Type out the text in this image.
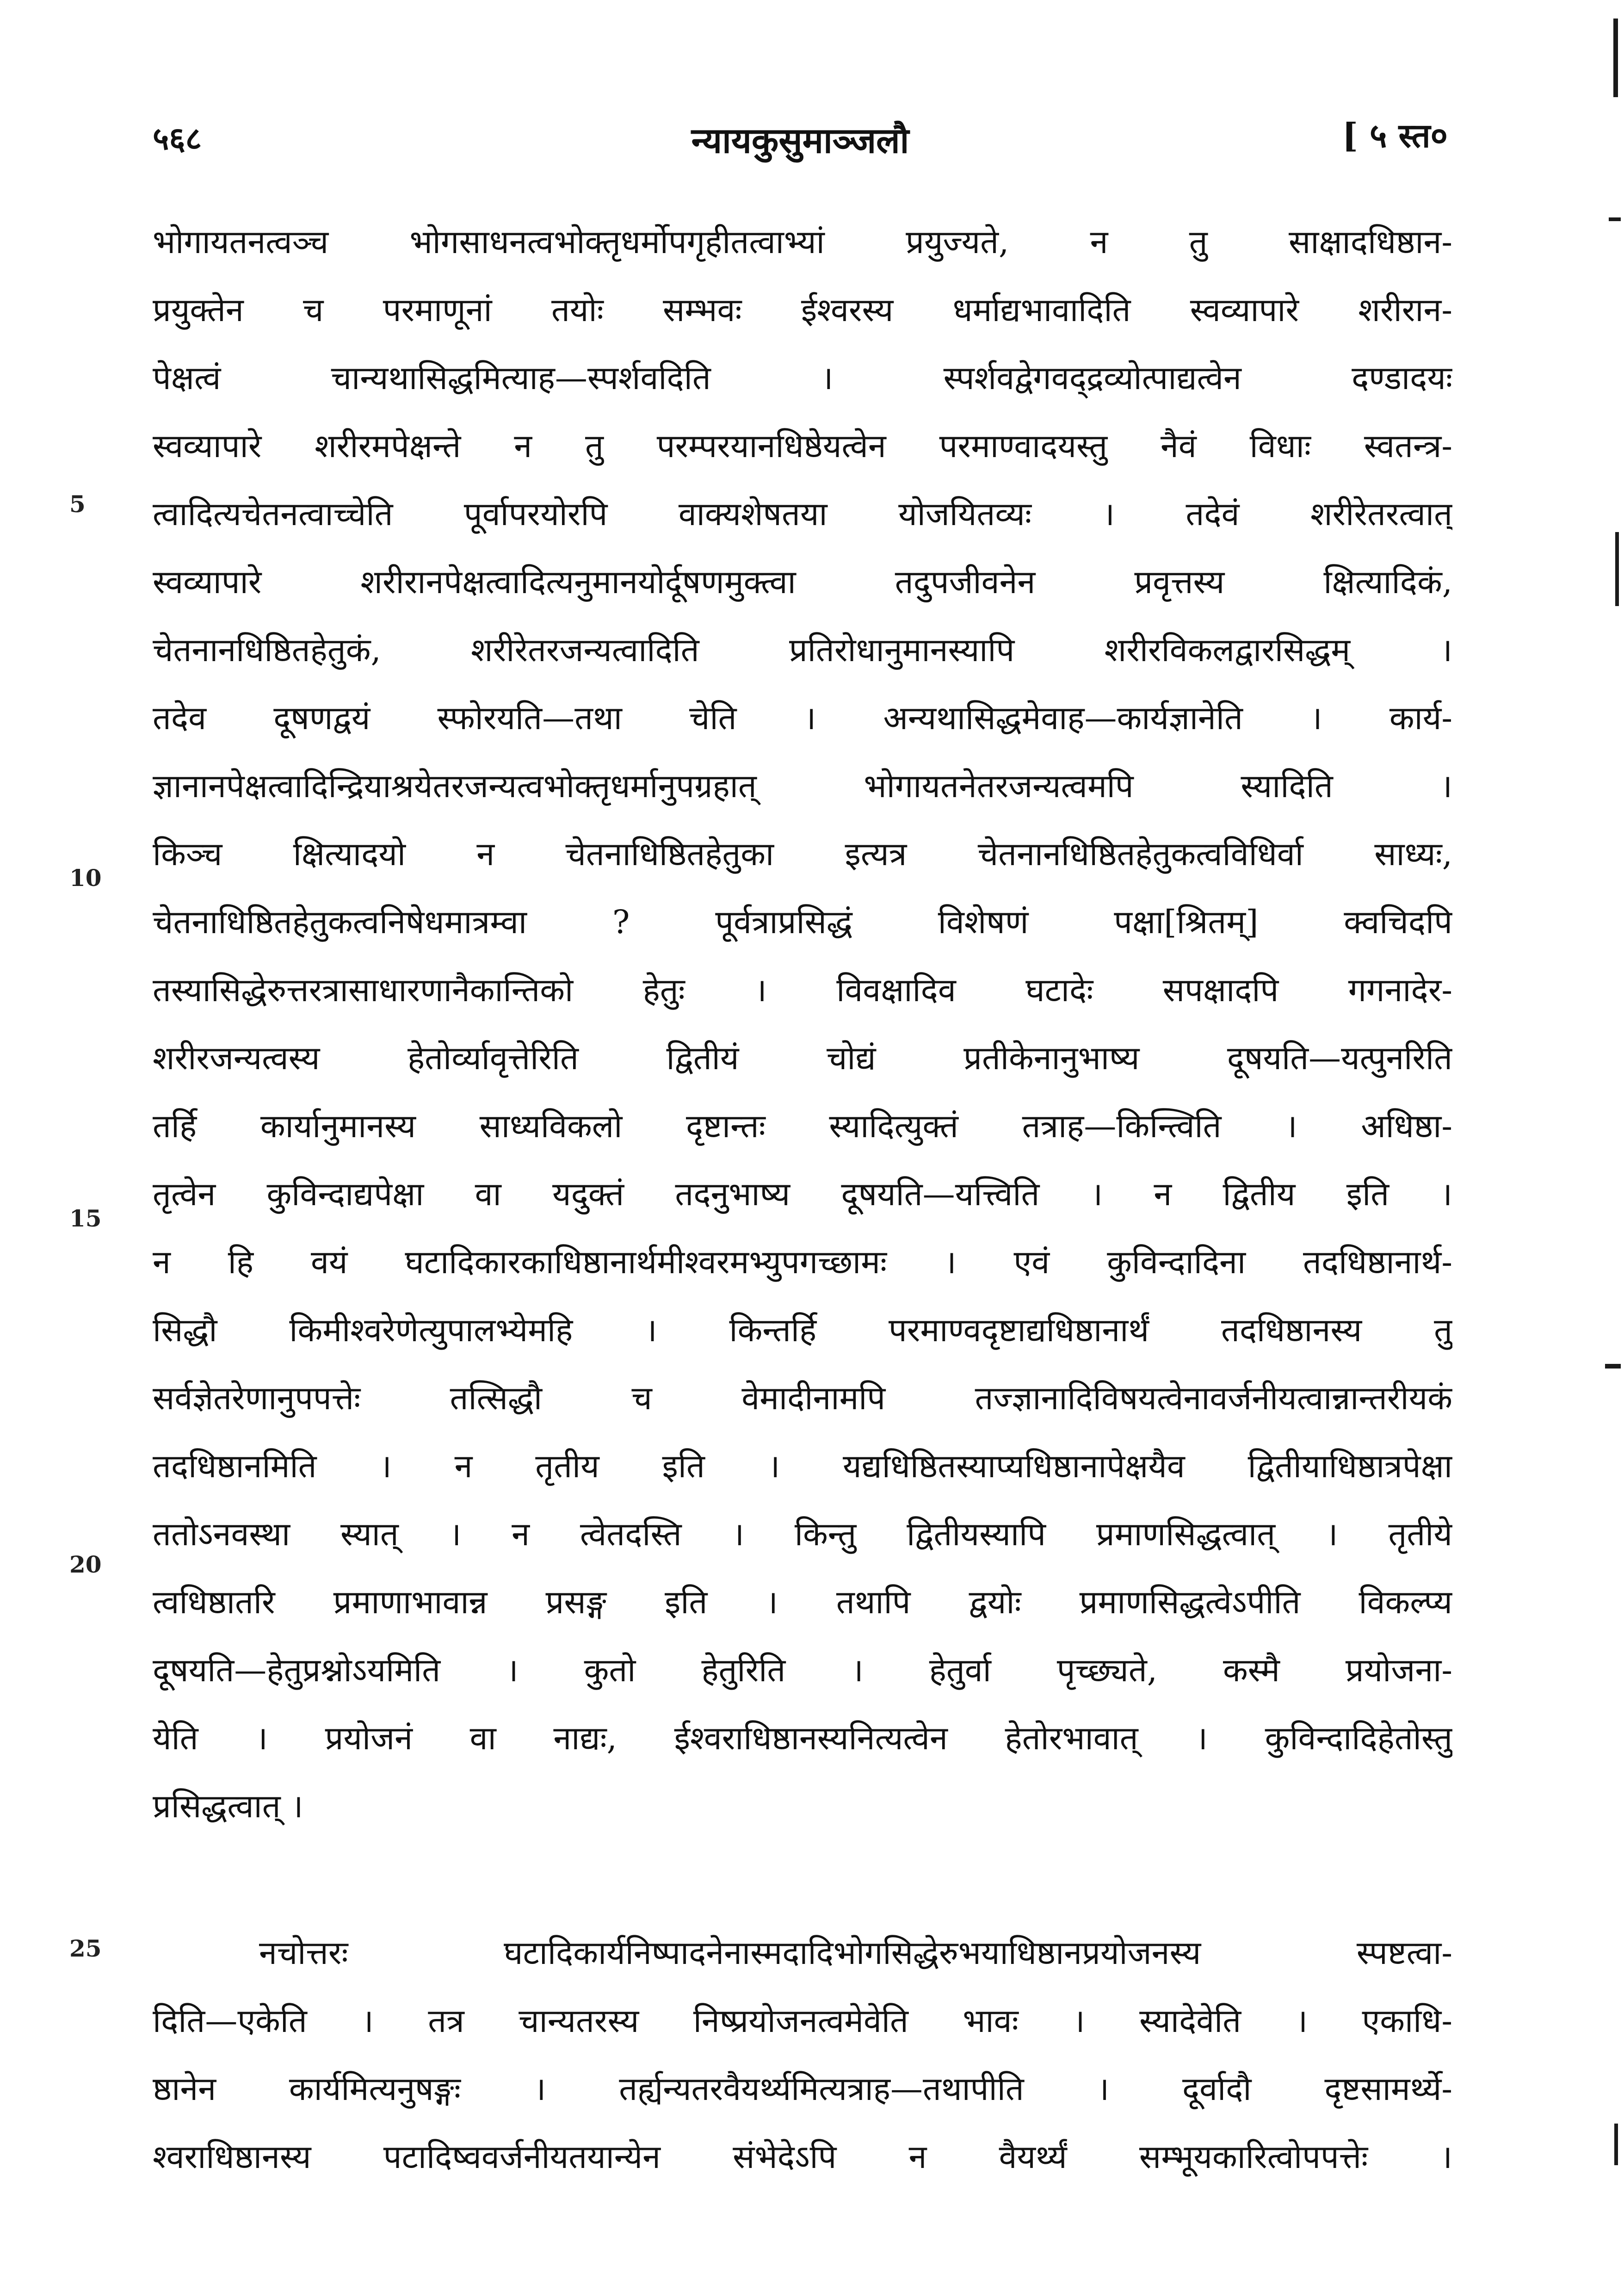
५६८	न्यायकुसुमाञ्जलौ	[ ५ स्त०
5
10
15
20
25
भोगायतनत्वञ्च भोगसाधनत्वभोक्तृधर्मोपगृहीतत्वाभ्यां प्रयुज्यते, न तु साक्षादधिष्ठान-
प्रयुक्तेन च परमाणूनां तयोः सम्भवः ईश्वरस्य धर्माद्यभावादिति स्वव्यापारे शरीरान-
पेक्षत्वं चान्यथासिद्धमित्याह—स्पर्शवदिति । स्पर्शवद्वेगवद्द्रव्योत्पाद्यत्वेन दण्डादयः
स्वव्यापारे शरीरमपेक्षन्ते न तु परम्परयानधिष्ठेयत्वेन परमाण्वादयस्तु नैवं विधाः स्वतन्त्र-
त्वादित्यचेतनत्वाच्चेति पूर्वापरयोरपि वाक्यशेषतया योजयितव्यः । तदेवं शरीरेतरत्वात्
स्वव्यापारे शरीरानपेक्षत्वादित्यनुमानयोर्दूषणमुक्त्वा तदुपजीवनेन प्रवृत्तस्य क्षित्यादिकं,
चेतनानधिष्ठितहेतुकं, शरीरेतरजन्यत्वादिति प्रतिरोधानुमानस्यापि शरीरविकलद्वारसिद्धम् ।
तदेव दूषणद्वयं स्फोरयति—तथा चेति । अन्यथासिद्धमेवाह—कार्यज्ञानेति । कार्य-
ज्ञानानपेक्षत्वादिन्द्रियाश्रयेतरजन्यत्वभोक्तृधर्मानुपग्रहात् भोगायतनेतरजन्यत्वमपि स्यादिति ।
किञ्च क्षित्यादयो न चेतनाधिष्ठितहेतुका इत्यत्र चेतनानधिष्ठितहेतुकत्वविधिर्वा साध्यः,
चेतनाधिष्ठितहेतुकत्वनिषेधमात्रम्वा ? पूर्वत्राप्रसिद्धं विशेषणं पक्षा[श्रितम्] क्वचिदपि
तस्यासिद्धेरुत्तरत्रासाधारणानैकान्तिको हेतुः । विवक्षादिव घटादेः सपक्षादपि गगनादेर-
शरीरजन्यत्वस्य हेतोर्व्यावृत्तेरिति द्वितीयं चोद्यं प्रतीकेनानुभाष्य दूषयति—यत्पुनरिति
तर्हि कार्यानुमानस्य साध्यविकलो दृष्टान्तः स्यादित्युक्तं तत्राह—किन्त्विति । अधिष्ठा-
तृत्वेन कुविन्दाद्यपेक्षा वा यदुक्तं तदनुभाष्य दूषयति—यत्त्विति । न द्वितीय इति ।
न हि वयं घटादिकारकाधिष्ठानार्थमीश्वरमभ्युपगच्छामः । एवं कुविन्दादिना तदधिष्ठानार्थ-
सिद्धौ किमीश्वरेणेत्युपालभ्येमहि । किन्तर्हि परमाण्वदृष्टाद्यधिष्ठानार्थं तदधिष्ठानस्य तु
सर्वज्ञेतरेणानुपपत्तेः तत्सिद्धौ च वेमादीनामपि तज्ज्ञानादिविषयत्वेनावर्जनीयत्वान्नान्तरीयकं
तदधिष्ठानमिति । न तृतीय इति । यद्यधिष्ठितस्याप्यधिष्ठानापेक्षयैव द्वितीयाधिष्ठात्रपेक्षा
ततोऽनवस्था स्यात् । न त्वेतदस्ति । किन्तु द्वितीयस्यापि प्रमाणसिद्धत्वात् । तृतीये
त्वधिष्ठातरि प्रमाणाभावान्न प्रसङ्ग इति । तथापि द्वयोः प्रमाणसिद्धत्वेऽपीति विकल्प्य
दूषयति—हेतुप्रश्नोऽयमिति । कुतो हेतुरिति । हेतुर्वा पृच्छ्यते, कस्मै प्रयोजना-
येति । प्रयोजनं वा नाद्यः, ईश्वराधिष्ठानस्यनित्यत्वेन हेतोरभावात् । कुविन्दादिहेतोस्तु
प्रसिद्धत्वात् ।
नचोत्तरः घटादिकार्यनिष्पादनेनास्मदादिभोगसिद्धेरुभयाधिष्ठानप्रयोजनस्य स्पष्टत्वा-
दिति—एकेति । तत्र चान्यतरस्य निष्प्रयोजनत्वमेवेति भावः । स्यादेवेति । एकाधि-
ष्ठानेन कार्यमित्यनुषङ्गः । तर्ह्यन्यतरवैयर्थ्यमित्यत्राह—तथापीति । दूर्वादौ दृष्टसामर्थ्ये-
श्वराधिष्ठानस्य पटादिष्ववर्जनीयतयान्येन संभेदेऽपि न वैयर्थ्यं सम्भूयकारित्वोपपत्तेः ।
